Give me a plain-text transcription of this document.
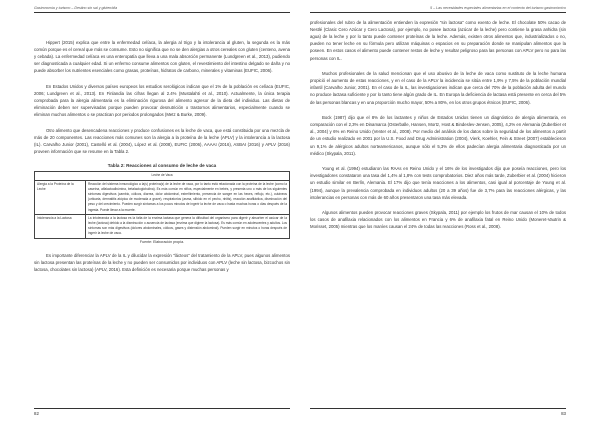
Gastronomía y turismo – Destino sin sal y gluten/dia

Hippert (2015) explica que entre la enfermedad celíaca, la alergia al trigo y la intolerancia al gluten, la segunda es la más común porque es el cereal que más se consume. Esto no significa que no se den alergias a otros cereales con gluten (centeno, avena y cebada). La enfermedad celíaca es una enteropatía que lleva a una mala absorción permanente (Lundgreen et al., 2013), pudiendo ser diagnosticada a cualquier edad. Si un enfermo consume alimentos con gluten, el revestimiento del intestino delgado se daña y no puede absorber los nutrientes esenciales como grasas, proteínas, hidratos de carbono, minerales y vitaminas (EUFIC, 2006).

En Estados Unidos y diversos países europeos los estudios serológicos indican que el 1% de la población es celíaca (EUFIC, 2006; Lundgreen et al., 2013). En Finlandia las cifras llegan al 2.4% (Mustalahti et al., 2010). Actualmente, la única terapia comprobada para la alergia alimentaria es la eliminación rigurosa del alimento agresor de la dieta del individuo. Las dietas de eliminación deben ser supervisadas porque pueden provocar desnutrición o trastornos alimentarios, especialmente cuando se eliminan muchos alimentos o se practican por periodos prolongados (Metz & Burke, 2009).

Otro alimento que desencadena reacciones y produce confusiones es la leche de vaca, que está constituida por una mezcla de más de 20 componentes. Las reacciones más comunes son la alergia a la proteína de la leche (APLV) y la intolerancia a la lactosa (IL). Carvalho Junior (2001), Castelló et al. (2004), López et al. (2008), EUFIC (2006), AAAAI (2016), ASBAI (2016) y APLV (2016) proveen información que se resume en la Tabla 2.

Tabla 2: Reacciones al consumo de leche de vaca
Leche de Vaca	
Alergia a la Proteína de la Leche	Reacción del sistema inmunológico a la(s) proteína(s) de la leche de vaca, por lo tanto está relacionada con la proteína de la leche (como la caseína, alfalactoalbúmina, betalactoglobulina). Es más común en niños, especialmente en bebés, y presenta uno o más de los siguientes síntomas digestivos (cambio, cólicos, diarrea, dolor abdominal, estreñimiento, presencia de sangre en las heces, reflujo, etc.), cutáneos (urticaria, dermatitis atópica de moderada a grave), respiratorios (asma, silbido en el pecho, rinitis), reacción anafiláctica, disminución del peso y del crecimiento. Pueden surgir síntomas a los pocos minutos de ingerir la leche de vaca o hasta muchas horas o días después de la ingesta. Puede llevar a la muerte.
Intolerancia a la Lactosa	La intolerancia a la lactosa es la falta de la enzima lactasa que genera la dificultad del organismo para digerir y absorber el azúcar de la leche (lactosa) debido a la disminución o ausencia de lactasa (enzima que digiere la lactosa). Es más común en adolescentes y adultos. Los síntomas son más digestivos (dolores abdominales, cólicos, gases y distensión abdominal). Pueden surgir en minutos o horas después de ingerir la leche de vaca.
Fuente: Elaboración propia.

Es importante diferenciar la APLV de la IL y dilucidar la expresión "lácteos" del tratamiento de la APLV, pues algunos alimentos sin lactosa presentan las proteínas de la leche y no pueden ser consumidos por individuos con APLV (leche sin lactosa, bizcochos sin lactosa, chocolates sin lactosa) (APLV, 2016). Esta definición es necesaria porque muchas personas y

82
5 – Las necesidades especiales alimentarias en el contexto del turismo gastronómico

profesionales del rubro de la alimentación entienden la expresión "sin lactosa" como exento de leche. El chocolate 50% cacao de Nestlé (Clasic Cero Azúcar y Cero Lactosa), por ejemplo, no posee lactosa (azúcar de la leche) pero contiene la grasa anhidra (sin agua) de la leche y por lo tanto puede contener proteínas de la leche. Además, existen otros alimentos que, industrializados o no, pueden no tener leche en su fórmula pero utilizan máquinas o espacios en su preparación donde se manipulan alimentos que la poseen. En estos casos el alimento puede contener restos de leche y resultar peligroso para las personas con APLV pero no para las personas con IL.

Muchos profesionales de la salud mencionan que el uso abusivo de la leche de vaca como sustituto de la leche humana propició el aumento de estas reacciones, y en el caso de la APLV la incidencia se sitúa entre 1,9% y 7,5% de la población mundial infantil (Carvalho Junior, 2001). En el caso de la IL, las investigaciones indican que cerca del 70% de la población adulta del mundo no produce lactasa suficiente y por lo tanto tiene algún grado de IL. En Europa la deficiencia de lactasa está presente en cerca del 5% de las personas blancas y en una proporción mucho mayor, 50% a 80%, en los otros grupos étnicos (EUFIC, 2006).

Bock (1987) dijo que el 8% de los lactantes y niños de Estados Unidos tienen un diagnóstico de alergia alimentaria, en comparación con el 2,3% en Dinamarca (Osterballe, Hansen, Mortz, Host & Bindeslev-Jensen, 2005), 4,2% en Alemania (Zuberbier et al., 2004) y 6% en Reino Unido (Venter et al., 2008). Por medio del análisis de los datos sobre la seguridad de los alimentos a partir de un estudio realizado en 2001 por la U.S. Food and Drug Administration (2004), Vierk, Koehler, Fein & Street (2007) establecieron un 9,1% de alérgicos adultos norteamericanos, aunque sólo el 5,3% de ellos padecían alergia alimentaria diagnosticada por un médico (Skypala, 2011).

Young et al. (1994) estudiaron las RAAs en Reino Unido y el 16% de los investigados dijo que poseía reacciones, pero los investigadores constataron una tasa del 1,4% al 1,8% con tests comprobatorios. Diez años más tarde, Zuberbier et al. (2004) hicieron un estudio similar en Berlín, Alemania. El 17% dijo que tenía reacciones a los alimentos, casi igual al porcentaje de Young et al. (1994), aunque la prevalencia comprobada en individuos adultos (20 a 39 años) fue de 3,7% para las reacciones alérgicas, y las intolerancias en personas con más de 60 años presentaron una tasa más elevada.

Algunos alimentos pueden provocar reacciones graves (Skypala, 2011) por ejemplo los frutos de mar causan el 10% de todos los casos de anafilaxia relacionados con los alimentos en Francia y 6% de anafilaxia fatal en Reino Unido (Moneret-Vautrin & Morisset, 2005) mientras que los maníes causan el 24% de todas las reacciones (Ross et al., 2008).

83
